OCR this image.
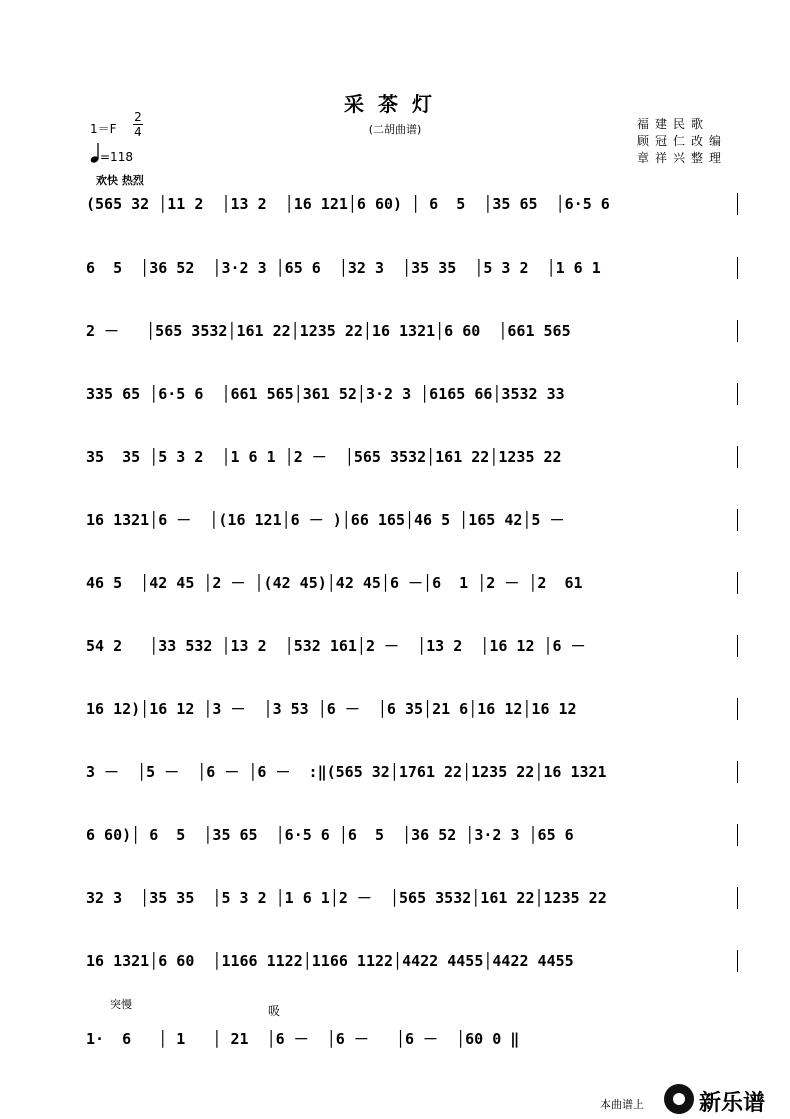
采茶灯
(二胡曲谱)
1＝F
2
4
=118
欢快 热烈
福建民歌
顾冠仁改编
章祥兴整理
(565 32 │11 2  │13 2  │16 121│6 60) │ 6  5  │35 65  │6·5 6
6  5  │36 52  │3·2 3 │65 6  │32 3  │35 35  │5 3 2  │1 6 1
2 －   │565 3532│161 22│1235 22│16 1321│6 60  │661 565
335 65 │6·5 6  │661 565│361 52│3·2 3 │6165 66│3532 33
35  35 │5 3 2  │1 6 1 │2 －  │565 3532│161 22│1235 22
16 1321│6 －  │(16 121│6 － )│66 165│46 5 │165 42│5 －
46 5  │42 45 │2 － │(42 45)│42 45│6 －│6  1 │2 － │2  61
54 2   │33 532 │13 2  │532 161│2 －  │13 2  │16 12 │6 －
16 12)│16 12 │3 －  │3 53 │6 －  │6 35│21 6│16 12│16 12
3 －  │5 －  │6 － │6 －  :‖(565 32│1761 22│1235 22│16 1321
6 60)│ 6  5  │35 65  │6·5 6 │6  5  │36 52 │3·2 3 │65 6
32 3  │35 35  │5 3 2 │1 6 1│2 －  │565 3532│161 22│1235 22
16 1321│6 60  │1166 1122│1166 1122│4422 4455│4422 4455
突慢	吸
1·  6   │ 1   │ 21  │6 －  │6 －   │6 －  │60 0 ‖
本曲谱上	新乐谱
